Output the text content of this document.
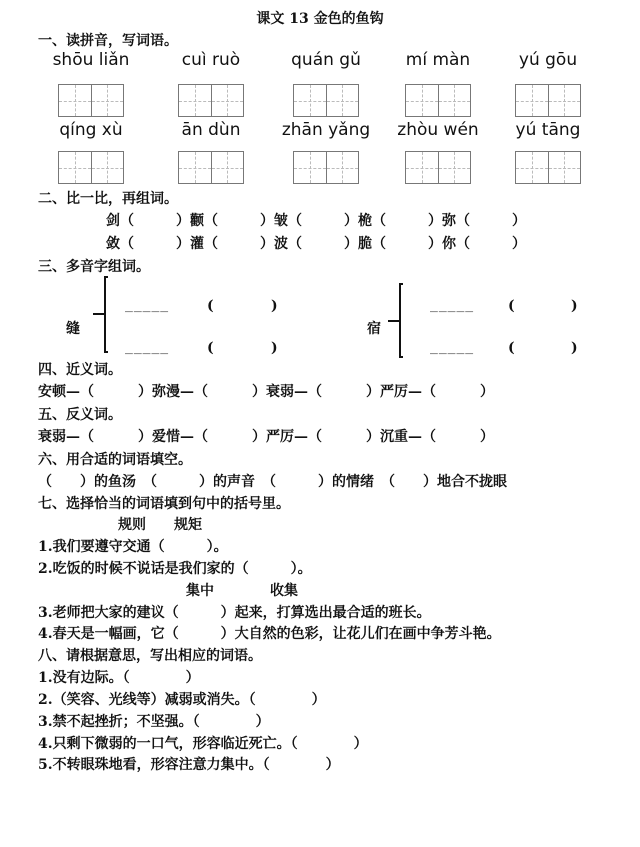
课文 13 金色的鱼钩
一、读拼音，写词语。
shōu liǎn	cuì ruò	quán gǔ	mí màn	yú gōu
qíng xù	ān dùn	zhān yǎng	zhòu wén	yú tāng
二、比一比，再组词。
剑（　　　）颧（　　　）皱（　　　）桅（　　　）弥（　　　）
敛（　　　）灌（　　　）波（　　　）脆（　　　）你（　　　）
三、多音字组词。
缝
_____	(	)
_____	(	)
宿
_____ (	)
_____ (	)
四、近义词。
安顿—（	）弥漫—（	）衰弱—（	）严厉—（	）
五、反义词。
衰弱—（	）爱惜—（	）严厉—（	）沉重—（	）
六、用合适的词语填空。
（　　）的鱼汤　（　　　）的声音　（　　　）的情绪　（　　）地合不拢眼
七、选择恰当的词语填到句中的括号里。
规则　　规矩
1.我们要遵守交通（　　　）。
2.吃饭的时候不说话是我们家的（　　　）。
集中　　　　收集
3.老师把大家的建议（　　　）起来，打算选出最合适的班长。
4.春天是一幅画，它（　　　）大自然的色彩，让花儿们在画中争芳斗艳。
八、请根据意思，写出相应的词语。
1.没有边际。（　　　　）
2.（笑容、光线等）减弱或消失。（　　　　）
3.禁不起挫折；不坚强。（　　　　）
4.只剩下微弱的一口气，形容临近死亡。（　　　　）
5.不转眼珠地看，形容注意力集中。（　　　　）
